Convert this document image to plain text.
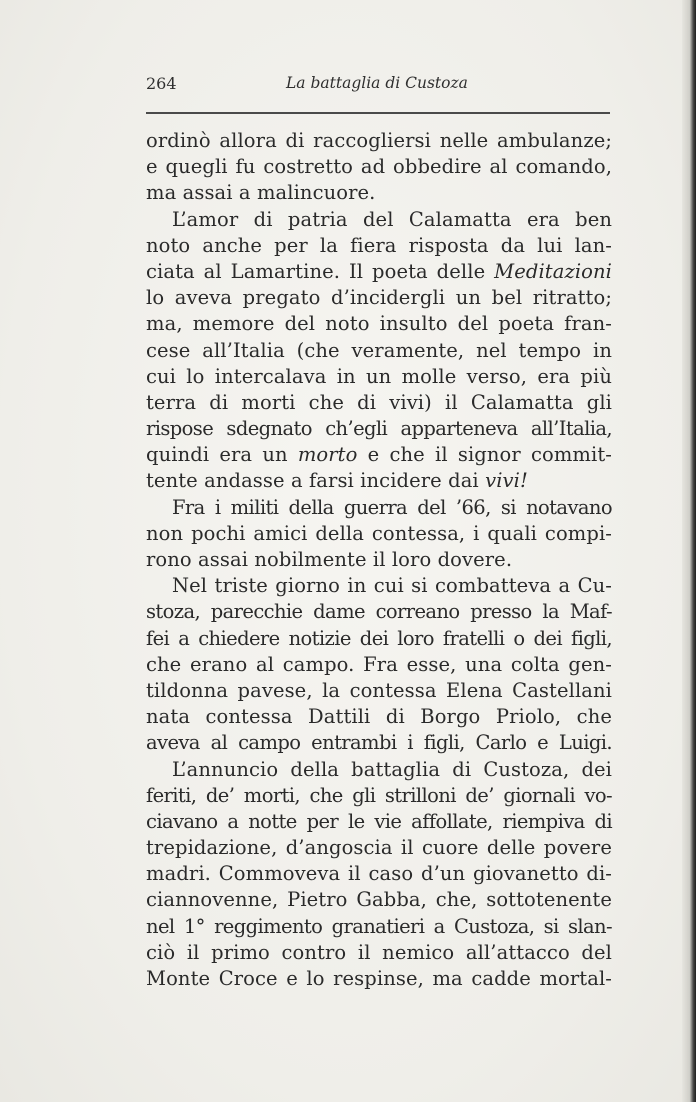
264	La battaglia di Custoza
ordinò allora di raccogliersi nelle ambulanze;
e quegli fu costretto ad obbedire al comando,
ma assai a malincuore.
L’amor di patria del Calamatta era ben
noto anche per la fiera risposta da lui lan-
ciata al Lamartine. Il poeta delle Meditazioni
lo aveva pregato d’incidergli un bel ritratto;
ma, memore del noto insulto del poeta fran-
cese all’Italia (che veramente, nel tempo in
cui lo intercalava in un molle verso, era più
terra di morti che di vivi) il Calamatta gli
rispose sdegnato ch’egli apparteneva all’Italia,
quindi era un morto e che il signor commit-
tente andasse a farsi incidere dai vivi!
Fra i militi della guerra del ’66, si notavano
non pochi amici della contessa, i quali compi-
rono assai nobilmente il loro dovere.
Nel triste giorno in cui si combatteva a Cu-
stoza, parecchie dame correano presso la Maf-
fei a chiedere notizie dei loro fratelli o dei figli,
che erano al campo. Fra esse, una colta gen-
tildonna pavese, la contessa Elena Castellani
nata contessa Dattili di Borgo Priolo, che
aveva al campo entrambi i figli, Carlo e Luigi.
L’annuncio della battaglia di Custoza, dei
feriti, de’ morti, che gli strilloni de’ giornali vo-
ciavano a notte per le vie affollate, riempiva di
trepidazione, d’angoscia il cuore delle povere
madri. Commoveva il caso d’un giovanetto di-
ciannovenne, Pietro Gabba, che, sottotenente
nel 1° reggimento granatieri a Custoza, si slan-
ciò il primo contro il nemico all’attacco del
Monte Croce e lo respinse, ma cadde mortal-
